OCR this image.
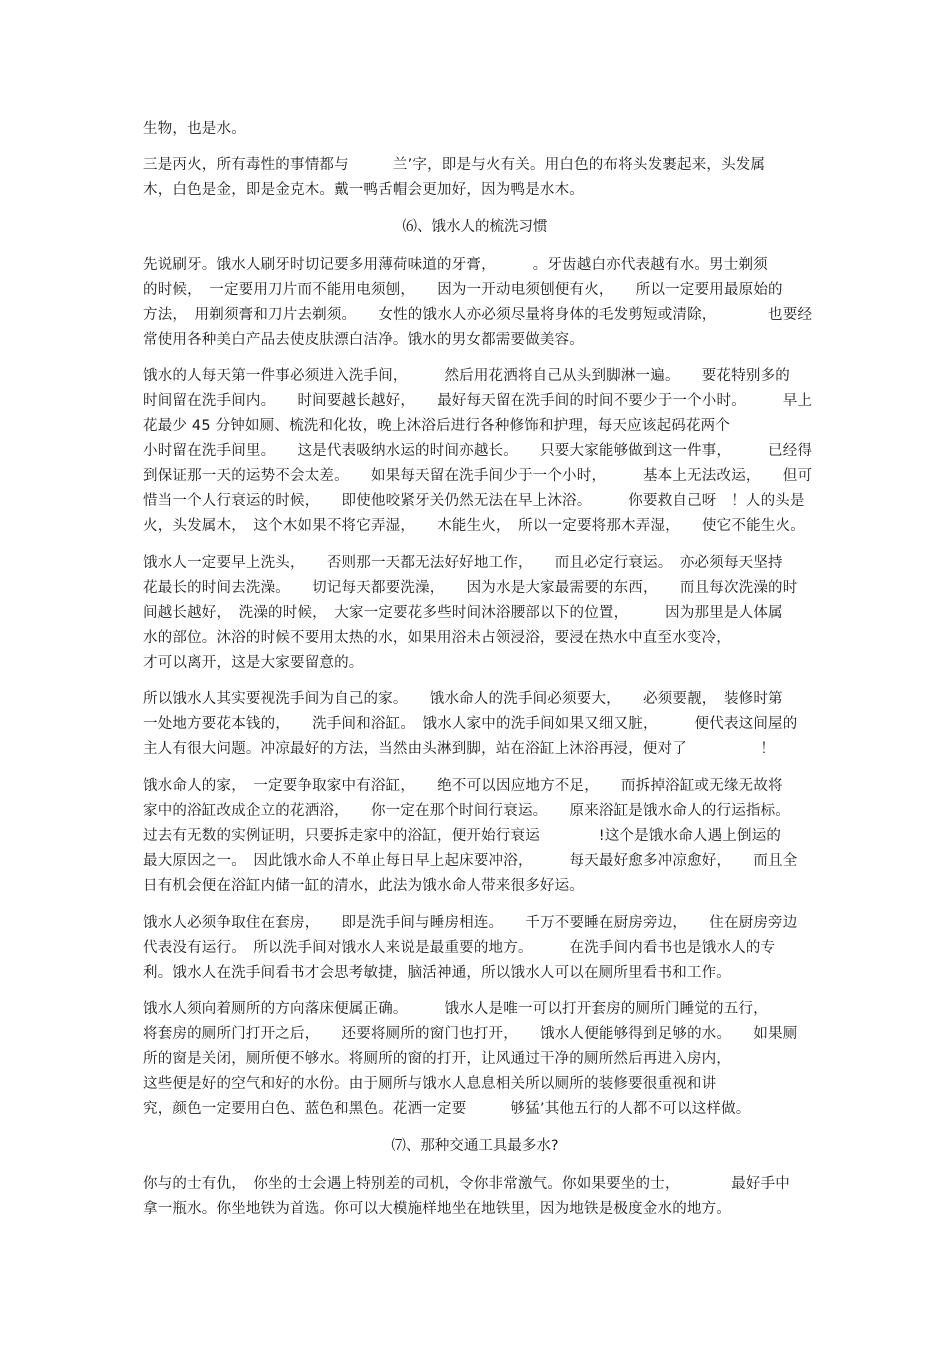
生物，也是水。
三是丙火，所有毒性的事情都与　　　兰’字，即是与火有关。用白色的布将头发裹起来，头发属
木，白色是金，即是金克木。戴一鸭舌帽会更加好，因为鸭是水木。
⑹、饿水人的梳洗习惯
先说刷牙。饿水人刷牙时切记要多用薄荷味道的牙膏，　　　。牙齿越白亦代表越有水。男士剃须
的时候，　一定要用刀片而不能用电须刨，　　因为一开动电须刨便有火，　　所以一定要用最原始的
方法，　用剃须膏和刀片去剃须。　　女性的饿水人亦必须尽量将身体的毛发剪短或清除，　　　　也要经
常使用各种美白产品去使皮肤漂白洁净。饿水的男女都需要做美容。
饿水的人每天第一件事必须进入洗手间，　　　然后用花洒将自己从头到脚淋一遍。　　要花特别多的
时间留在洗手间内。　　时间要越长越好，　　最好每天留在洗手间的时间不要少于一个小时。　　　早上
花最少 45 分钟如厕、梳洗和化妆，晚上沐浴后进行各种修饰和护理，每天应该起码花两个
小时留在洗手间里。　　这是代表吸纳水运的时间亦越长。　　只要大家能够做到这一件事，　　　已经得
到保证那一天的运势不会太差。　　如果每天留在洗手间少于一个小时，　　　基本上无法改运，　　但可
惜当一个人行衰运的时候，　　即使他咬紧牙关仍然无法在早上沐浴。　　　你要救自己呀　！人的头是
火，头发属木，　这个木如果不将它弄湿，　　木能生火，　所以一定要将那木弄湿，　　使它不能生火。
饿水人一定要早上洗头，　　否则那一天都无法好好地工作，　　而且必定行衰运。　亦必须每天坚持
花最长的时间去洗澡。　　切记每天都要洗澡，　　因为水是大家最需要的东西，　　而且每次洗澡的时
间越长越好，　洗澡的时候，　大家一定要花多些时间沐浴腰部以下的位置，　　　因为那里是人体属
水的部位。沐浴的时候不要用太热的水，如果用浴未占领浸浴，要浸在热水中直至水变冷，
才可以离开，这是大家要留意的。
所以饿水人其实要视洗手间为自己的家。　　饿水命人的洗手间必须要大，　　必须要靓，　装修时第
一处地方要花本钱的，　　洗手间和浴缸。　饿水人家中的洗手间如果又细又脏，　　　便代表这间屋的
主人有很大问题。冲凉最好的方法，当然由头淋到脚，站在浴缸上沐浴再浸，便对了　　　　　！
饿水命人的家，　一定要争取家中有浴缸，　　绝不可以因应地方不足，　　而拆掉浴缸或无缘无故将
家中的浴缸改成企立的花洒浴，　　你一定在那个时间行衰运。　　原来浴缸是饿水命人的行运指标。
过去有无数的实例证明，只要拆走家中的浴缸，便开始行衰运　　　　!这个是饿水命人遇上倒运的
最大原因之一。　因此饿水命人不单止每日早上起床要冲浴，　　　每天最好愈多冲凉愈好，　　而且全
日有机会便在浴缸内储一缸的清水，此法为饿水命人带来很多好运。
饿水人必须争取住在套房，　　即是洗手间与睡房相连。　　千万不要睡在厨房旁边，　　住在厨房旁边
代表没有运行。　所以洗手间对饿水人来说是最重要的地方。　　　在洗手间内看书也是饿水人的专
利。饿水人在洗手间看书才会思考敏捷，脑活神通，所以饿水人可以在厕所里看书和工作。
饿水人须向着厕所的方向落床便属正确。　　　饿水人是唯一可以打开套房的厕所门睡觉的五行，
将套房的厕所门打开之后，　　还要将厕所的窗门也打开，　　饿水人便能够得到足够的水。　　如果厕
所的窗是关闭，厕所便不够水。将厕所的窗的打开，让风通过干净的厕所然后再进入房内，
这些便是好的空气和好的水份。由于厕所与饿水人息息相关所以厕所的装修要很重视和讲
究，颜色一定要用白色、蓝色和黑色。花洒一定要　　　够猛’其他五行的人都不可以这样做。
⑺、那种交通工具最多水?
你与的士有仇，　你坐的士会遇上特别差的司机，令你非常激气。你如果要坐的士，　　　　最好手中
拿一瓶水。你坐地铁为首选。你可以大模施样地坐在地铁里，因为地铁是极度金水的地方。
